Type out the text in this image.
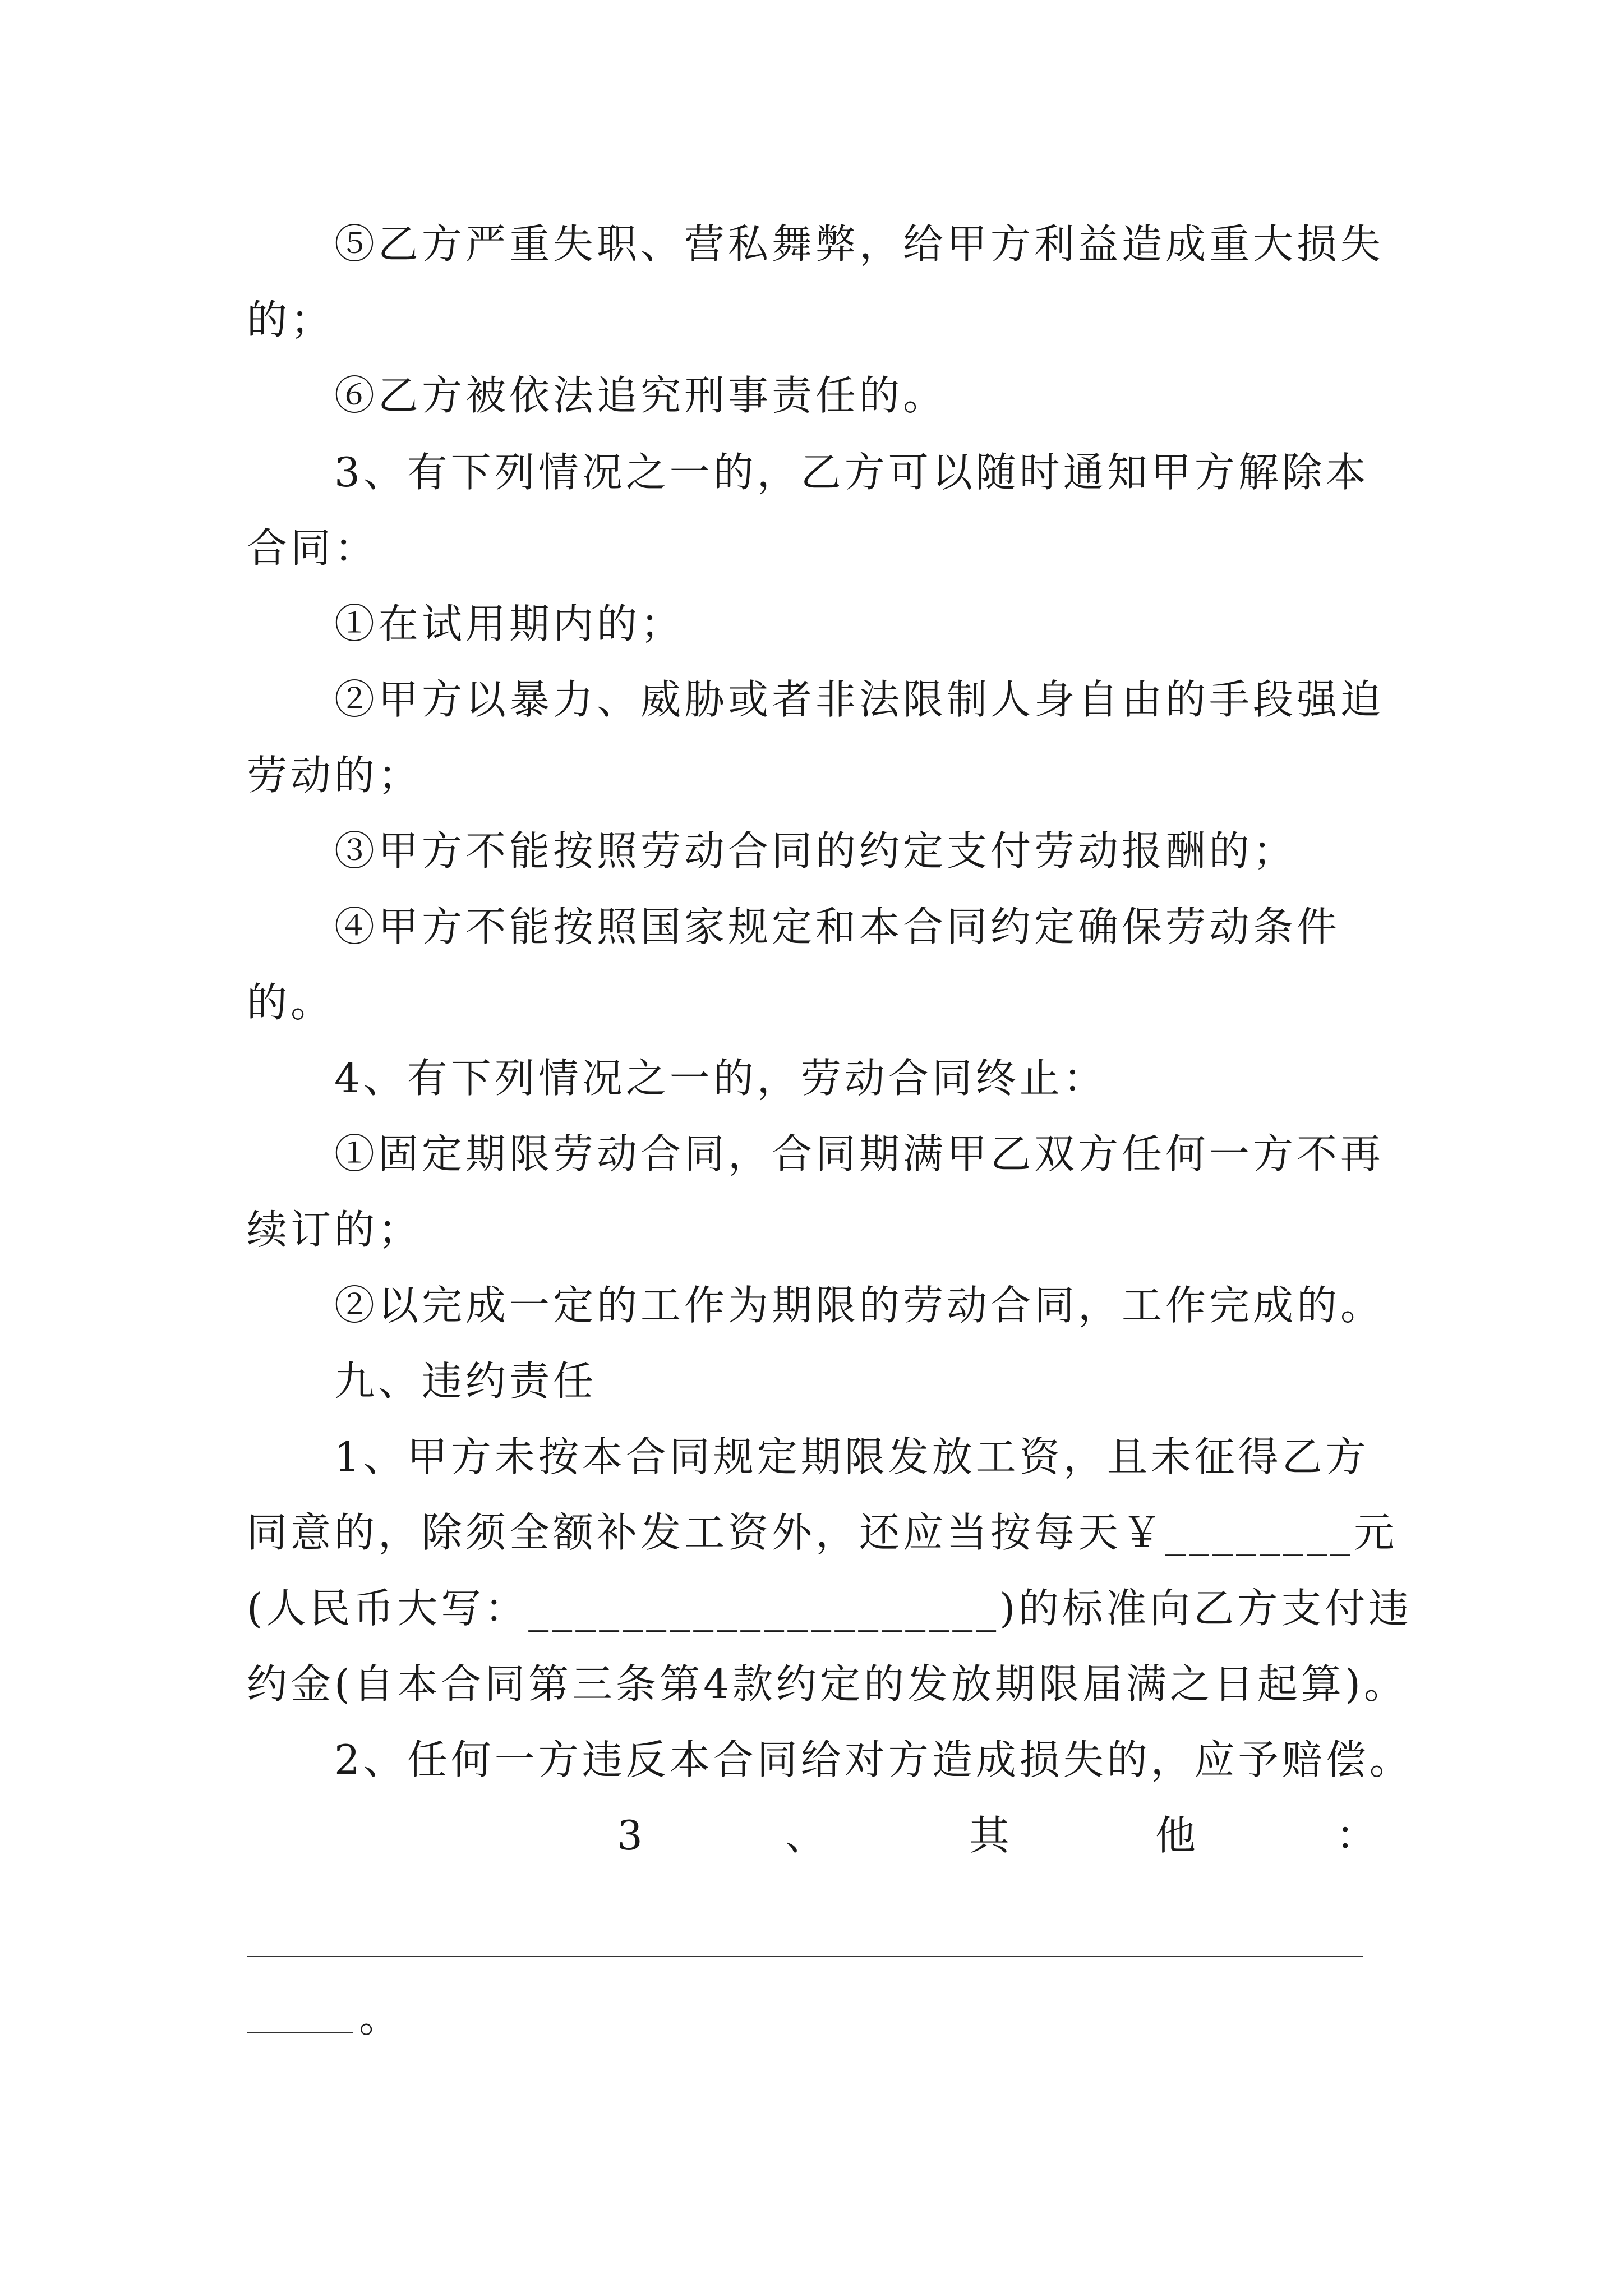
⑤乙方严重失职、营私舞弊，给甲方利益造成重大损失
的；
⑥乙方被依法追究刑事责任的。
3、有下列情况之一的，乙方可以随时通知甲方解除本
合同：
①在试用期内的；
②甲方以暴力、威胁或者非法限制人身自由的手段强迫
劳动的；
③甲方不能按照劳动合同的约定支付劳动报酬的；
④甲方不能按照国家规定和本合同约定确保劳动条件
的。
4、有下列情况之一的，劳动合同终止：
①固定期限劳动合同，合同期满甲乙双方任何一方不再
续订的；
②以完成一定的工作为期限的劳动合同，工作完成的。
九、违约责任
1、甲方未按本合同规定期限发放工资，且未征得乙方
同意的，除须全额补发工资外，还应当按每天￥________元
(人民币大写：____________________)的标准向乙方支付违
约金(自本合同第三条第4款约定的发放期限届满之日起算)。
2、任何一方违反本合同给对方造成损失的，应予赔偿。
3	、	其	他	：
。
